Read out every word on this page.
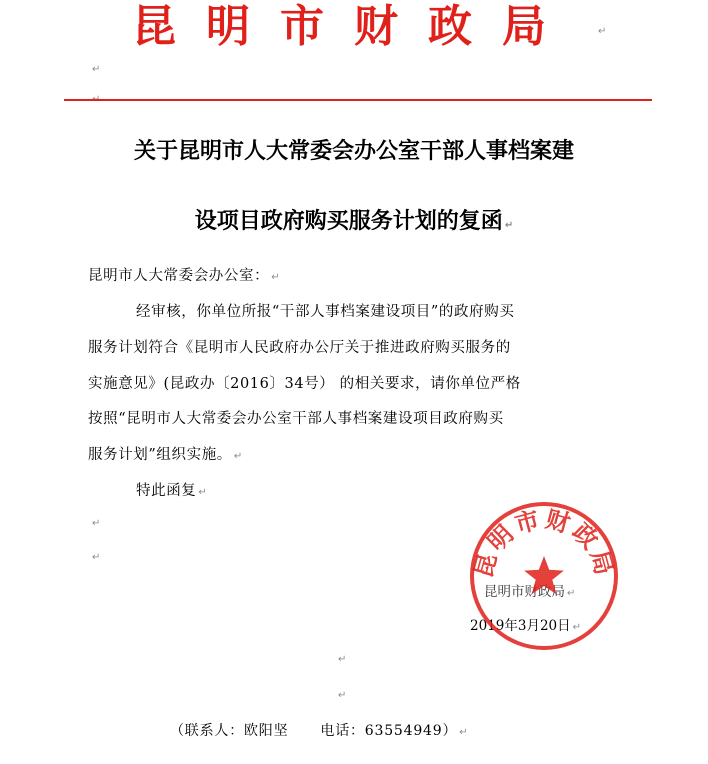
昆明市财政局	↵
↵
↵
关于昆明市人大常委会办公室干部人事档案建
设项目政府购买服务计划的复函 ↵
昆明市人大常委会办公室： ↵
经审核，你单位所报“干部人事档案建设项目”的政府购买
服务计划符合《昆明市人民政府办公厅关于推进政府购买服务的
实施意见》(昆政办〔2016〕34号） 的相关要求，请你单位严格
按照“昆明市人大常委会办公室干部人事档案建设项目政府购买
服务计划”组织实施。 ↵
特此函复 ↵
↵
↵
昆明市财政局 ↵
2019年3月20日 ↵
昆明市财政局
↵
↵
（联系人：欧阳坚 电话：63554949） ↵
